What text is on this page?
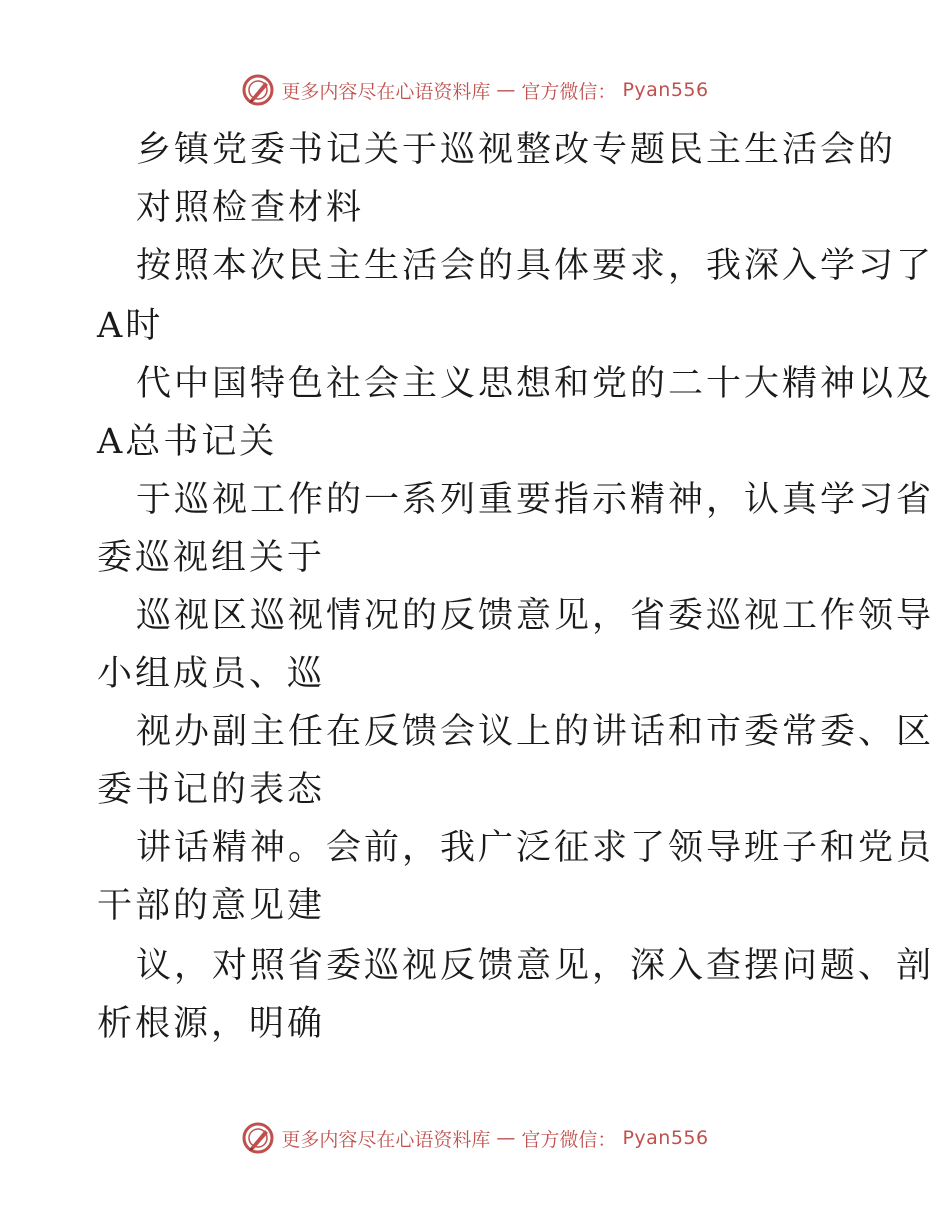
更多内容尽在心语资料库 — 官方微信： Pyan556
乡镇党委书记关于巡视整改专题民主生活会的
对照检查材料
按照本次民主生活会的具体要求，我深入学习了
A时
代中国特色社会主义思想和党的二十大精神以及
A总书记关
于巡视工作的一系列重要指示精神，认真学习省
委巡视组关于
巡视区巡视情况的反馈意见，省委巡视工作领导
小组成员、巡
视办副主任在反馈会议上的讲话和市委常委、区
委书记的表态
讲话精神。会前，我广泛征求了领导班子和党员
干部的意见建
议，对照省委巡视反馈意见，深入查摆问题、剖
析根源，明确
更多内容尽在心语资料库 — 官方微信： Pyan556
